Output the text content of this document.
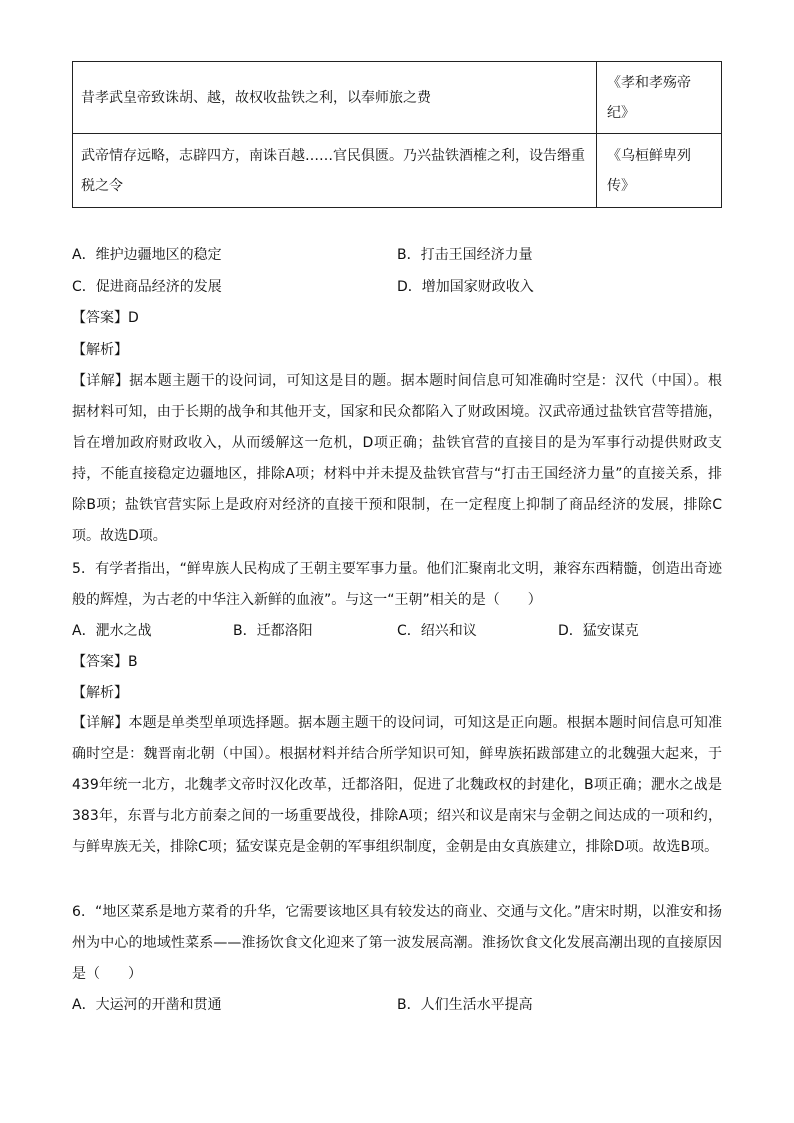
昔孝武皇帝致诛胡、越，故权收盐铁之利，以奉师旅之费	《孝和孝殇帝纪》
武帝情存远略，志辟四方，南诛百越……官民俱匮。乃兴盐铁酒榷之利，设告缗重税之令	《乌桓鲜卑列传》
A．维护边疆地区的稳定	B．打击王国经济力量
C．促进商品经济的发展	D．增加国家财政收入
【答案】D
【解析】
【详解】据本题主题干的设问词，可知这是目的题。据本题时间信息可知准确时空是：汉代（中国）。根据材料可知，由于长期的战争和其他开支，国家和民众都陷入了财政困境。汉武帝通过盐铁官营等措施，旨在增加政府财政收入，从而缓解这一危机，D项正确；盐铁官营的直接目的是为军事行动提供财政支持，不能直接稳定边疆地区，排除A项；材料中并未提及盐铁官营与“打击王国经济力量”的直接关系，排除B项；盐铁官营实际上是政府对经济的直接干预和限制，在一定程度上抑制了商品经济的发展，排除C项。故选D项。
5．有学者指出，“鲜卑族人民构成了王朝主要军事力量。他们汇聚南北文明，兼容东西精髓，创造出奇迹般的辉煌，为古老的中华注入新鲜的血液”。与这一“王朝”相关的是（　　）
A．淝水之战	B．迁都洛阳	C．绍兴和议	D．猛安谋克
【答案】B
【解析】
【详解】本题是单类型单项选择题。据本题主题干的设问词，可知这是正向题。根据本题时间信息可知准确时空是：魏晋南北朝（中国）。根据材料并结合所学知识可知，鲜卑族拓跋部建立的北魏强大起来，于439年统一北方，北魏孝文帝时汉化改革，迁都洛阳，促进了北魏政权的封建化，B项正确；淝水之战是383年，东晋与北方前秦之间的一场重要战役，排除A项；绍兴和议是南宋与金朝之间达成的一项和约，与鲜卑族无关，排除C项；猛安谋克是金朝的军事组织制度，金朝是由女真族建立，排除D项。故选B项。
6．“地区菜系是地方菜肴的升华，它需要该地区具有较发达的商业、交通与文化。”唐宋时期，以淮安和扬州为中心的地域性菜系——淮扬饮食文化迎来了第一波发展高潮。淮扬饮食文化发展高潮出现的直接原因是（　　）
A．大运河的开凿和贯通	B．人们生活水平提高
